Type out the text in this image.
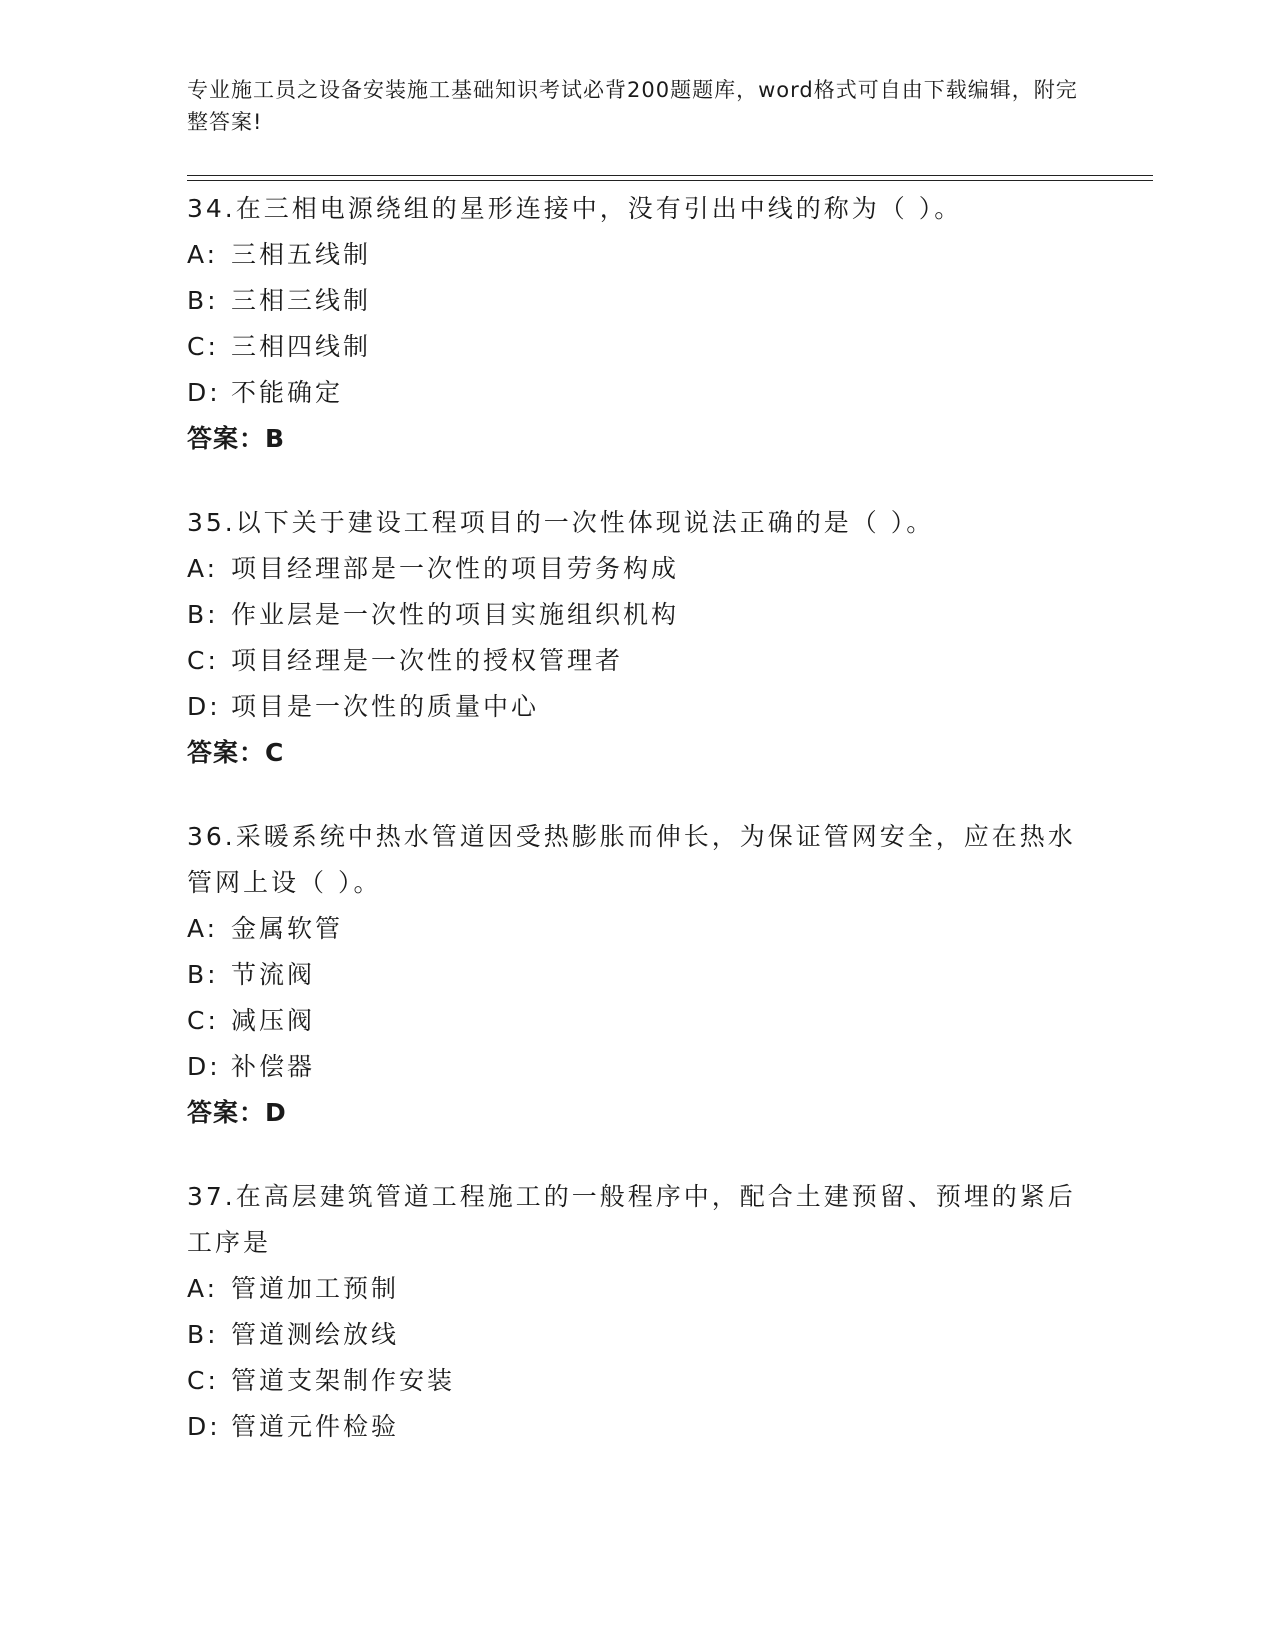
专业施工员之设备安装施工基础知识考试必背200题题库，word格式可自由下载编辑，附完整答案!

34.在三相电源绕组的星形连接中，没有引出中线的称为（ ）。

A: 三相五线制

B: 三相三线制

C: 三相四线制

D: 不能确定

答案：B

35.以下关于建设工程项目的一次性体现说法正确的是（ ）。

A: 项目经理部是一次性的项目劳务构成

B: 作业层是一次性的项目实施组织机构

C: 项目经理是一次性的授权管理者

D: 项目是一次性的质量中心

答案：C

36.采暖系统中热水管道因受热膨胀而伸长，为保证管网安全，应在热水管网上设（ ）。

A: 金属软管

B: 节流阀

C: 减压阀

D: 补偿器

答案：D

37.在高层建筑管道工程施工的一般程序中，配合土建预留、预埋的紧后工序是

A: 管道加工预制

B: 管道测绘放线

C: 管道支架制作安装

D: 管道元件检验
